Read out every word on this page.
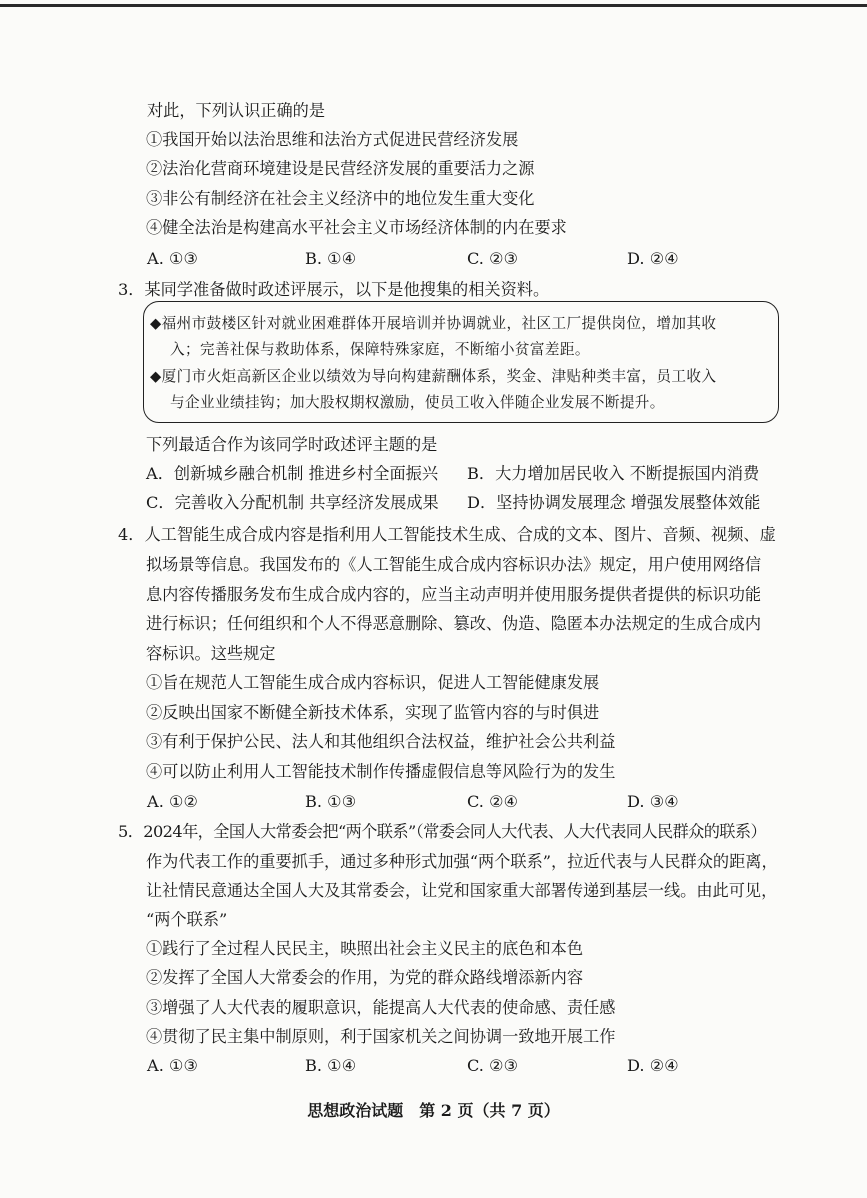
对此，下列认识正确的是
①我国开始以法治思维和法治方式促进民营经济发展
②法治化营商环境建设是民营经济发展的重要活力之源
③非公有制经济在社会主义经济中的地位发生重大变化
④健全法治是构建高水平社会主义市场经济体制的内在要求
A. ①③	B. ①④	C. ②③	D. ②④
3．某同学准备做时政述评展示，以下是他搜集的相关资料。
◆福州市鼓楼区针对就业困难群体开展培训并协调就业，社区工厂提供岗位，增加其收
入；完善社保与救助体系，保障特殊家庭，不断缩小贫富差距。
◆厦门市火炬高新区企业以绩效为导向构建薪酬体系，奖金、津贴种类丰富，员工收入
与企业业绩挂钩；加大股权期权激励，使员工收入伴随企业发展不断提升。
下列最适合作为该同学时政述评主题的是
A．创新城乡融合机制 推进乡村全面振兴 B．大力增加居民收入 不断提振国内消费
C．完善收入分配机制 共享经济发展成果 D．坚持协调发展理念 增强发展整体效能
4．人工智能生成合成内容是指利用人工智能技术生成、合成的文本、图片、音频、视频、虚
拟场景等信息。我国发布的《人工智能生成合成内容标识办法》规定，用户使用网络信
息内容传播服务发布生成合成内容的，应当主动声明并使用服务提供者提供的标识功能
进行标识；任何组织和个人不得恶意删除、篡改、伪造、隐匿本办法规定的生成合成内
容标识。这些规定
①旨在规范人工智能生成合成内容标识，促进人工智能健康发展
②反映出国家不断健全新技术体系，实现了监管内容的与时俱进
③有利于保护公民、法人和其他组织合法权益，维护社会公共利益
④可以防止利用人工智能技术制作传播虚假信息等风险行为的发生
A. ①②	B. ①③	C. ②④	D. ③④
5．2024年，全国人大常委会把“两个联系”（常委会同人大代表、人大代表同人民群众的联系）
作为代表工作的重要抓手，通过多种形式加强“两个联系”，拉近代表与人民群众的距离，
让社情民意通达全国人大及其常委会，让党和国家重大部署传递到基层一线。由此可见，
“两个联系”
①践行了全过程人民民主，映照出社会主义民主的底色和本色
②发挥了全国人大常委会的作用，为党的群众路线增添新内容
③增强了人大代表的履职意识，能提高人大代表的使命感、责任感
④贯彻了民主集中制原则，利于国家机关之间协调一致地开展工作
A. ①③	B. ①④	C. ②③	D. ②④
思想政治试题　第 2 页（共 7 页）
